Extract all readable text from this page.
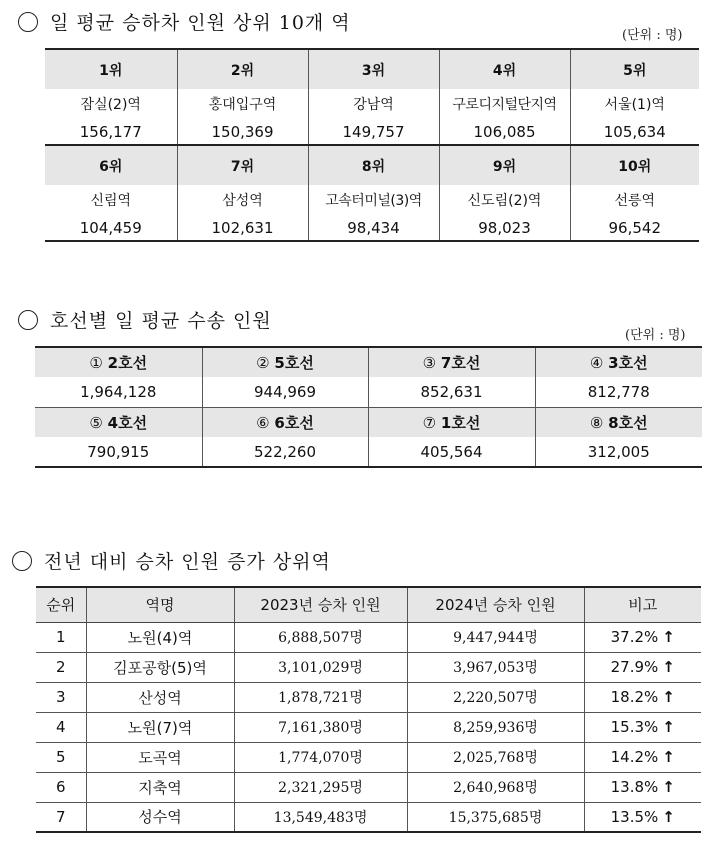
일 평균 승하차 인원 상위 10개 역
(단위 : 명)
1위	2위	3위	4위	5위
잠실(2)역	홍대입구역	강남역	구로디지털단지역	서울(1)역
156,177	150,369	149,757	106,085	105,634
6위	7위	8위	9위	10위
신림역	삼성역	고속터미널(3)역	신도림(2)역	선릉역
104,459	102,631	98,434	98,023	96,542
호선별 일 평균 수송 인원
(단위 : 명)
① 2호선	② 5호선	③ 7호선	④ 3호선
1,964,128	944,969	852,631	812,778
⑤ 4호선	⑥ 6호선	⑦ 1호선	⑧ 8호선
790,915	522,260	405,564	312,005
전년 대비 승차 인원 증가 상위역
순위	역명	2023년 승차 인원	2024년 승차 인원	비고
1	노원(4)역	6,888,507명	9,447,944명	37.2% ↑
2	김포공항(5)역	3,101,029명	3,967,053명	27.9% ↑
3	산성역	1,878,721명	2,220,507명	18.2% ↑
4	노원(7)역	7,161,380명	8,259,936명	15.3% ↑
5	도곡역	1,774,070명	2,025,768명	14.2% ↑
6	지축역	2,321,295명	2,640,968명	13.8% ↑
7	성수역	13,549,483명	15,375,685명	13.5% ↑
